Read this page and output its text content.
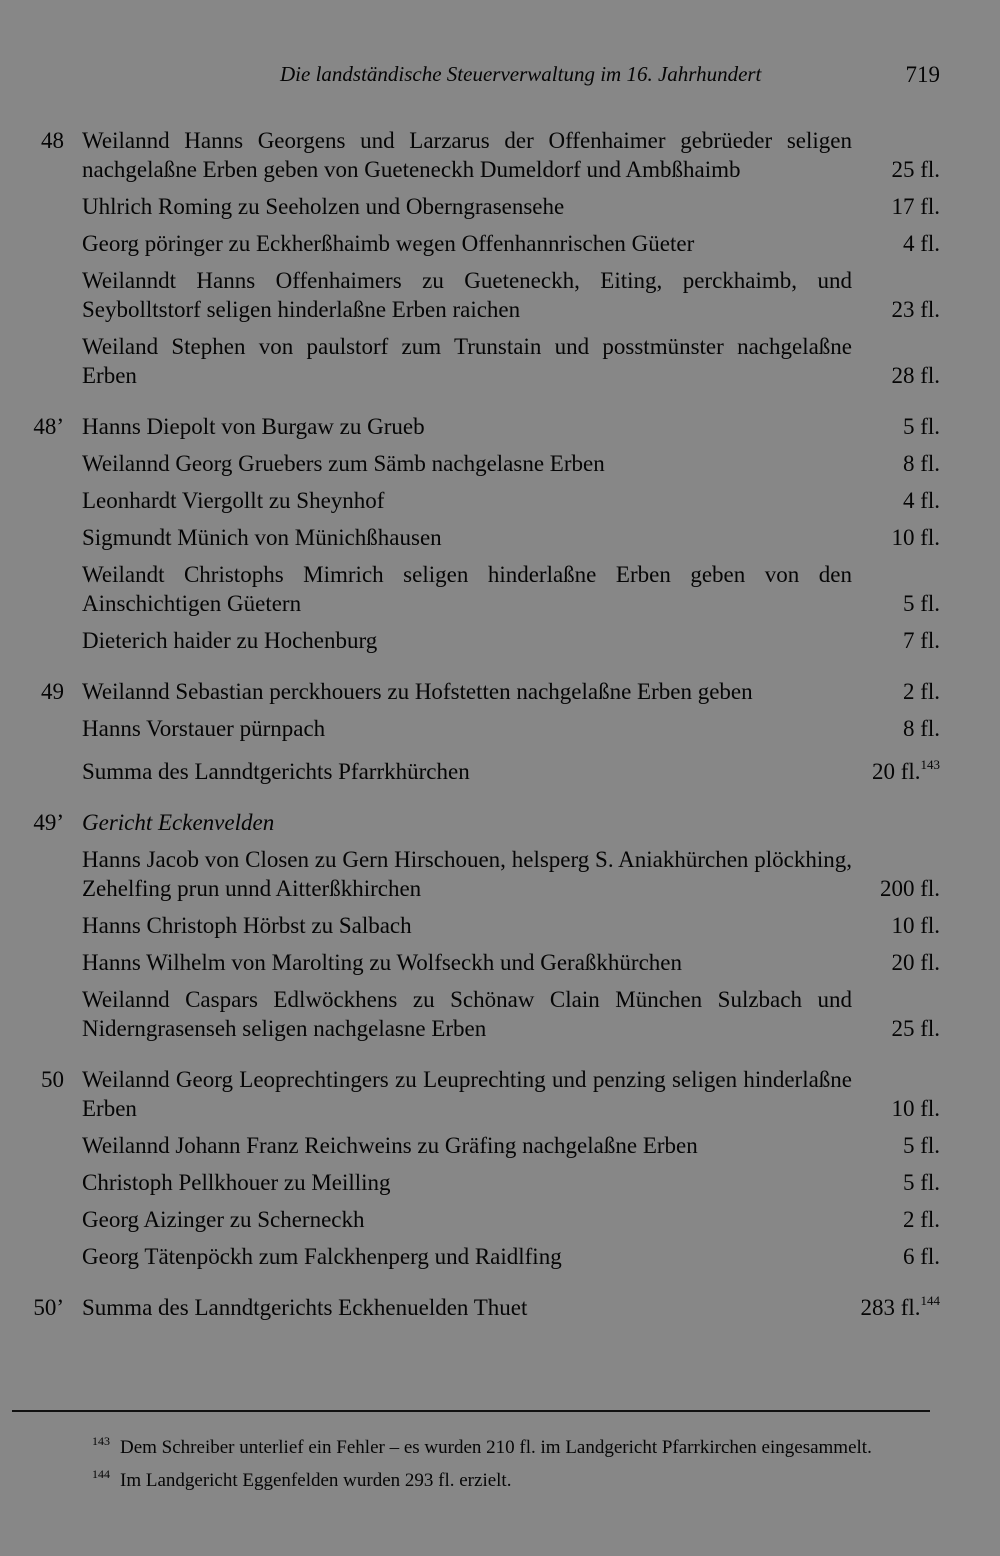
Die landständische Steuerverwaltung im 16. Jahrhundert	719
48 Weilannd Hanns Georgens und Larzarus der Offenhaimer gebrüeder seligen nachgelaßne Erben geben von Gueteneckh Dumeldorf und Ambßhaimb	25 fl.
Uhlrich Roming zu Seeholzen und Oberngrasensehe	17 fl.
Georg pöringer zu Eckherßhaimb wegen Offenhannrischen Güeter	4 fl.
Weilanndt Hanns Offenhaimers zu Gueteneckh, Eiting, perckhaimb, und Seybolltstorf seligen hinderlaßne Erben raichen	23 fl.
Weiland Stephen von paulstorf zum Trunstain und posstmünster nachgelaßne Erben	28 fl.
48’ Hanns Diepolt von Burgaw zu Grueb	5 fl.
Weilannd Georg Gruebers zum Sämb nachgelasne Erben	8 fl.
Leonhardt Viergollt zu Sheynhof	4 fl.
Sigmundt Münich von Münichßhausen	10 fl.
Weilandt Christophs Mimrich seligen hinderlaßne Erben geben von den Ainschichtigen Güetern	5 fl.
Dieterich haider zu Hochenburg	7 fl.
49 Weilannd Sebastian perckhouers zu Hofstetten nachgelaßne Erben geben	2 fl.
Hanns Vorstauer pürnpach	8 fl.
Summa des Lanndtgerichts Pfarrkhürchen	20 fl.$^{143}$
49’ Gericht Eckenvelden
Hanns Jacob von Closen zu Gern Hirschouen, helsperg S. Aniakhürchen plöckhing, Zehelfing prun unnd Aitterßkhirchen	200 fl.
Hanns Christoph Hörbst zu Salbach	10 fl.
Hanns Wilhelm von Marolting zu Wolfseckh und Geraßkhürchen	20 fl.
Weilannd Caspars Edlwöckhens zu Schönaw Clain München Sulzbach und Niderngrasenseh seligen nachgelasne Erben	25 fl.
50 Weilannd Georg Leoprechtingers zu Leuprechting und penzing seligen hinderlaßne Erben	10 fl.
Weilannd Johann Franz Reichweins zu Gräfing nachgelaßne Erben	5 fl.
Christoph Pellkhouer zu Meilling	5 fl.
Georg Aizinger zu Scherneckh	2 fl.
Georg Tätenpöckh zum Falckhenperg und Raidlfing	6 fl.
50’ Summa des Lanndtgerichts Eckhenuelden Thuet	283 fl.$^{144}$

$^{143}$ Dem Schreiber unterlief ein Fehler – es wurden 210 fl. im Landgericht Pfarrkirchen eingesammelt.

$^{144}$ Im Landgericht Eggenfelden wurden 293 fl. erzielt.
